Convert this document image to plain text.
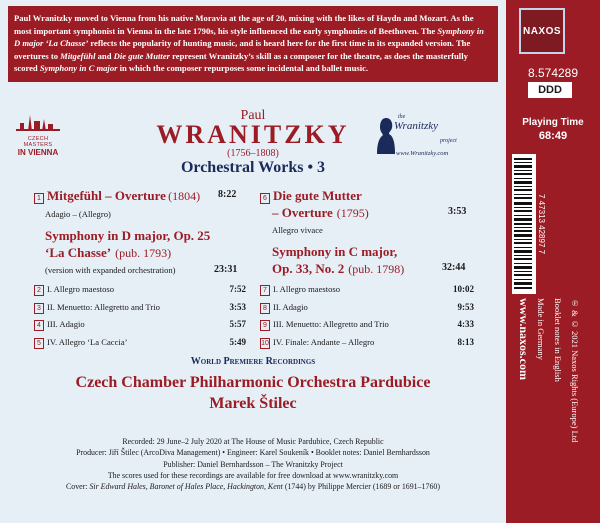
Paul Wranitzky moved to Vienna from his native Moravia at the age of 20, mixing with the likes of Haydn and Mozart. As the most important symphonist in Vienna in the late 1790s, his style influenced the early symphonies of Beethoven. The Symphony in D major ‘La Chasse’ reflects the popularity of hunting music, and is heard here for the first time in its expanded version. The overtures to Mitgefühl and Die gute Mutter represent Wranitzky’s skill as a composer for the theatre, as does the masterfully scored Symphony in C major in which the composer repurposes some incidental and ballet music.
NAXOS
8.574289
DDD
Playing Time
68:49
7 47313 42897 7
www.naxos.com Made in Germany Booklet notes in English ℗ & © 2021 Naxos Rights (Europe) Ltd
CZECH MASTERS
IN VIENNA
the
Wranitzky
project
www.Wranitzky.com
Paul
WRANITZKY
(1756–1808)
Orchestral Works • 3
1 Mitgefühl – Overture (1804) 8:22
Adagio – (Allegro)
Symphony in D major, Op. 25
‘La Chasse’ (pub. 1793)
(version with expanded orchestration)	23:31
2 I. Allegro maestoso	7:52
3 II. Menuetto: Allegretto and Trio	3:53
4 III. Adagio	5:57
5 IV. Allegro ‘La Caccia’	5:49
6 Die gute Mutter
– Overture (1795)	3:53
Allegro vivace
Symphony in C major,
Op. 33, No. 2 (pub. 1798)	32:44
7 I. Allegro maestoso	10:02
8 II. Adagio	9:53
9 III. Menuetto: Allegretto and Trio	4:33
10 IV. Finale: Andante – Allegro	8:13
World Premiere Recordings
Czech Chamber Philharmonic Orchestra Pardubice
Marek Štilec
Recorded: 29 June–2 July 2020 at The House of Music Pardubice, Czech Republic
Producer: Jiří Štilec (ArcoDiva Management) • Engineer: Karel Soukeník • Booklet notes: Daniel Bernhardsson
Publisher: Daniel Bernhardsson – The Wranitzky Project
The scores used for these recordings are available for free download at www.wranitzky.com
Cover: Sir Edward Hales, Baronet of Hales Place, Hackington, Kent (1744) by Philippe Mercier (1689 or 1691–1760)
